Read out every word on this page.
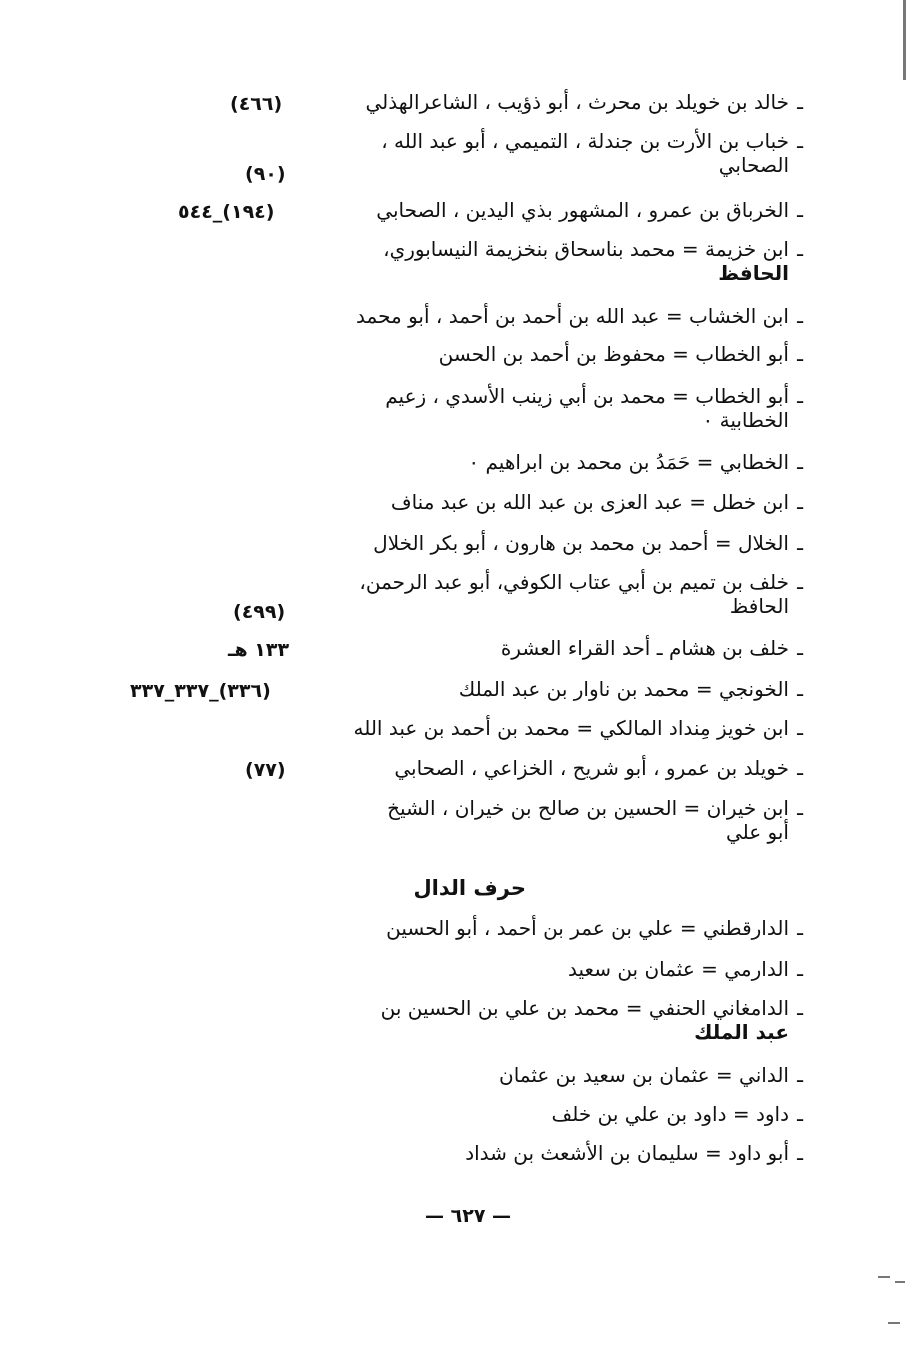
ـخالد بن خويلد بن محرث ، أبو ذؤيب ، الشاعرالهذلي
(٤٦٦)
ـخباب بن الأرت بن جندلة ، التميمي ، أبو عبد الله ،
الصحابي
(٩٠)
ـالخرباق بن عمرو ، المشهور بذي اليدين ، الصحابي
(١٩٤)_٥٤٤
ـابن خزيمة = محمد بناسحاق بنخزيمة النيسابوري،
الحافظ
ـابن الخشاب = عبد الله بن أحمد بن أحمد ، أبو محمد
ـأبو الخطاب = محفوظ بن أحمد بن الحسن
ـأبو الخطاب = محمد بن أبي زينب الأسدي ، زعيم
الخطابية ٠
ـالخطابي = حَمَدُ بن محمد بن ابراهيم ٠
ـابن خطل = عبد العزى بن عبد الله بن عبد مناف
ـالخلال = أحمد بن محمد بن هارون ، أبو بكر الخلال
ـخلف بن تميم بن أبي عتاب الكوفي، أبو عبد الرحمن،
الحافظ
(٤٩٩)
ـخلف بن هشام ـ أحد القراء العشرة
١٣٣ هـ
ـالخونجي = محمد بن ناوار بن عبد الملك
(٣٣٦)_٣٣٧_٣٣٧
ـابن خويز مِنداد المالكي = محمد بن أحمد بن عبد الله
ـخويلد بن عمرو ، أبو شريح ، الخزاعي ، الصحابي
(٧٧)
ـابن خيران = الحسين بن صالح بن خيران ، الشيخ
أبو علي
حرف الدال
ـالدارقطني = علي بن عمر بن أحمد ، أبو الحسين
ـالدارمي = عثمان بن سعيد
ـالدامغاني الحنفي = محمد بن علي بن الحسين بن
عبد الملك
ـالداني = عثمان بن سعيد بن عثمان
ـداود = داود بن علي بن خلف
ـأبو داود = سليمان بن الأشعث بن شداد
— ٦٢٧ —
